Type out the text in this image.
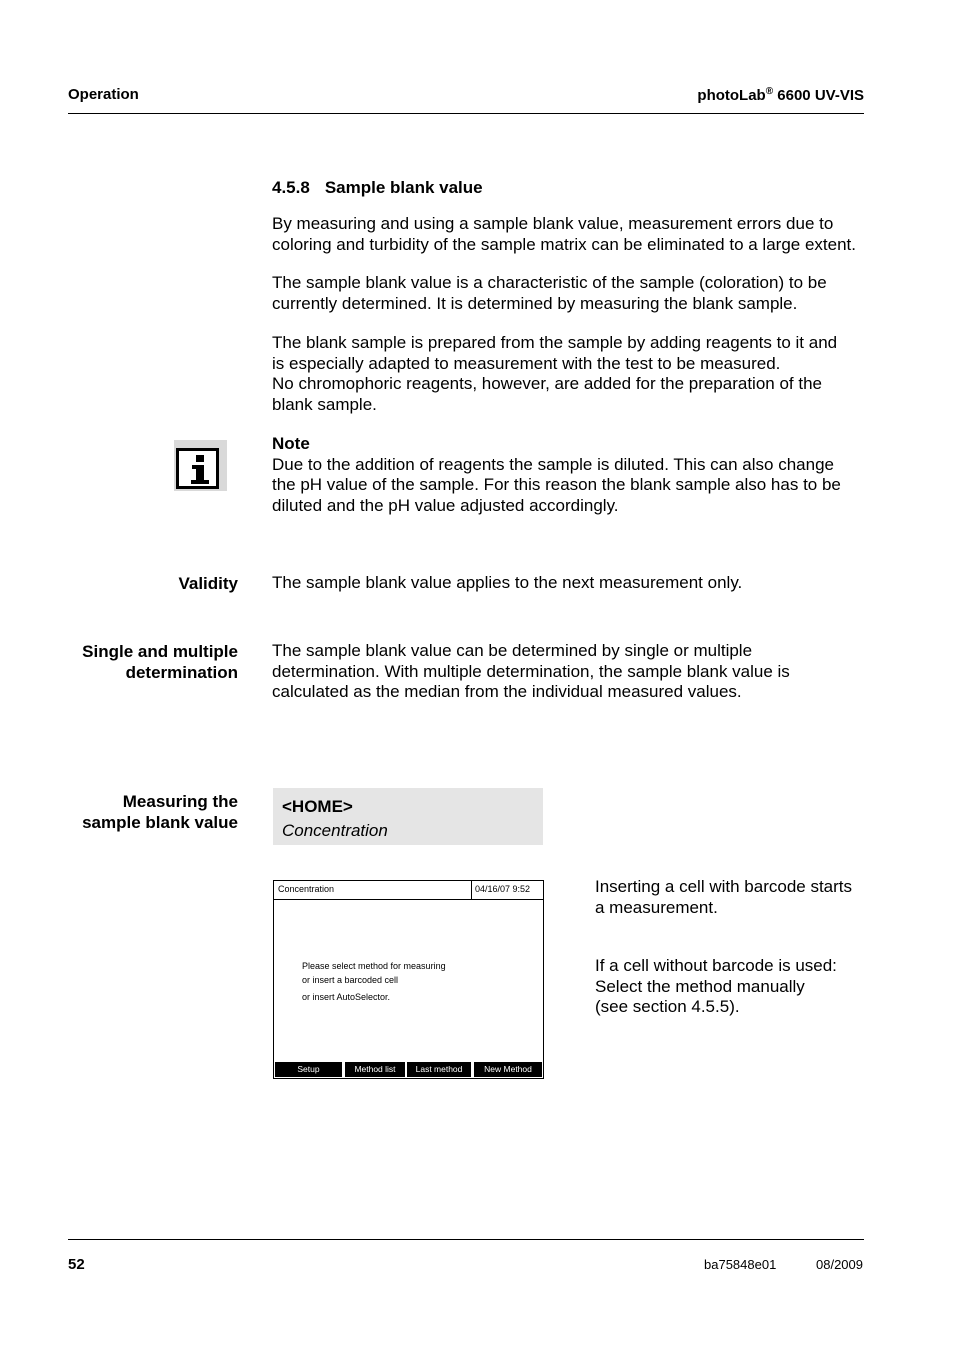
Operation	photoLab® 6600 UV-VIS
4.5.8 Sample blank value
By measuring and using a sample blank value, measurement errors due to
coloring and turbidity of the sample matrix can be eliminated to a large extent.
The sample blank value is a characteristic of the sample (coloration) to be
currently determined. It is determined by measuring the blank sample.
The blank sample is prepared from the sample by adding reagents to it and
is especially adapted to measurement with the test to be measured.
No chromophoric reagents, however, are added for the preparation of the
blank sample.
Note
Due to the addition of reagents the sample is diluted. This can also change
the pH value of the sample. For this reason the blank sample also has to be
diluted and the pH value adjusted accordingly.
Validity The sample blank value applies to the next measurement only.
Single and multiple
determination
The sample blank value can be determined by single or multiple
determination. With multiple determination, the sample blank value is
calculated as the median from the individual measured values.
Measuring the
sample blank value
<HOME>
Concentration
Concentration	04/16/07 9:52
Please select method for measuring
or insert a barcoded cell
or insert AutoSelector.
Setup	Method list	Last method	New Method
Inserting a cell with barcode starts
a measurement.
If a cell without barcode is used:
Select the method manually
(see section 4.5.5).
52	ba75848e01	08/2009
